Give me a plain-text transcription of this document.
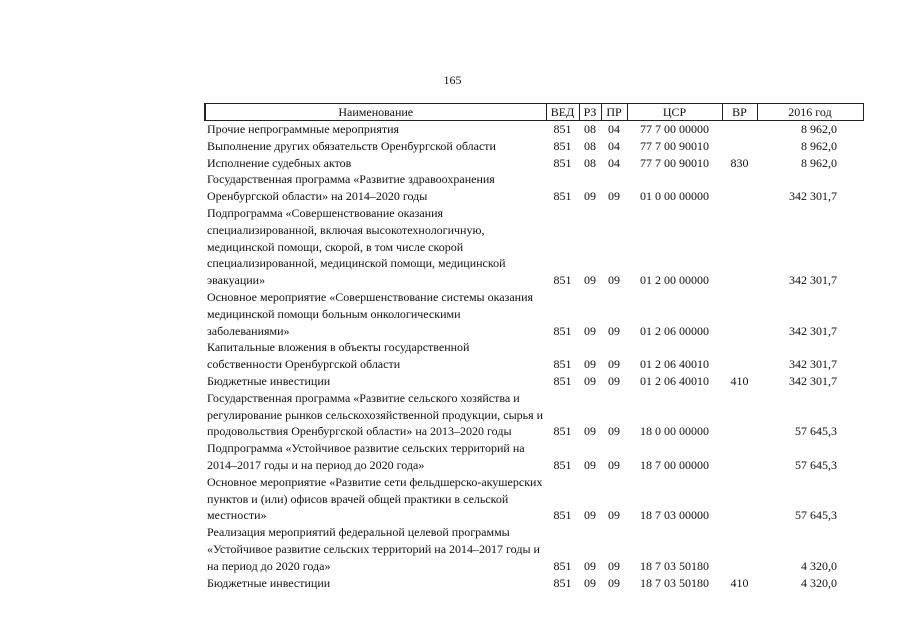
165
Наименование	ВЕД	РЗ	ПР	ЦСР	ВР	2016 год
Прочие непрограммные мероприятия	851	08	04	77 7 00 00000		8 962,0
Выполнение других обязательств Оренбургской области	851	08	04	77 7 00 90010		8 962,0
Исполнение судебных актов	851	08	04	77 7 00 90010	830	8 962,0
Государственная программа «Развитие здравоохранения Оренбургской области» на 2014–2020 годы	851	09	09	01 0 00 00000		342 301,7
Подпрограмма «Совершенствование оказания специализированной, включая высокотехнологичную, медицинской помощи, скорой, в том числе скорой специализированной, медицинской помощи, медицинской эвакуации»	851	09	09	01 2 00 00000		342 301,7
Основное мероприятие «Совершенствование системы оказания медицинской помощи больным онкологическими заболеваниями»	851	09	09	01 2 06 00000		342 301,7
Капитальные вложения в объекты государственной собственности Оренбургской области	851	09	09	01 2 06 40010		342 301,7
Бюджетные инвестиции	851	09	09	01 2 06 40010	410	342 301,7
Государственная программа «Развитие сельского хозяйства и регулирование рынков сельскохозяйственной продукции, сырья и продовольствия Оренбургской области» на 2013–2020 годы	851	09	09	18 0 00 00000		57 645,3
Подпрограмма «Устойчивое развитие сельских территорий на 2014–2017 годы и на период до 2020 года»	851	09	09	18 7 00 00000		57 645,3
Основное мероприятие «Развитие сети фельдшерско-акушерских пунктов и (или) офисов врачей общей практики в сельской местности»	851	09	09	18 7 03 00000		57 645,3
Реализация мероприятий федеральной целевой программы «Устойчивое развитие сельских территорий на 2014–2017 годы и на период до 2020 года»	851	09	09	18 7 03 50180		4 320,0
Бюджетные инвестиции	851	09	09	18 7 03 50180	410	4 320,0
